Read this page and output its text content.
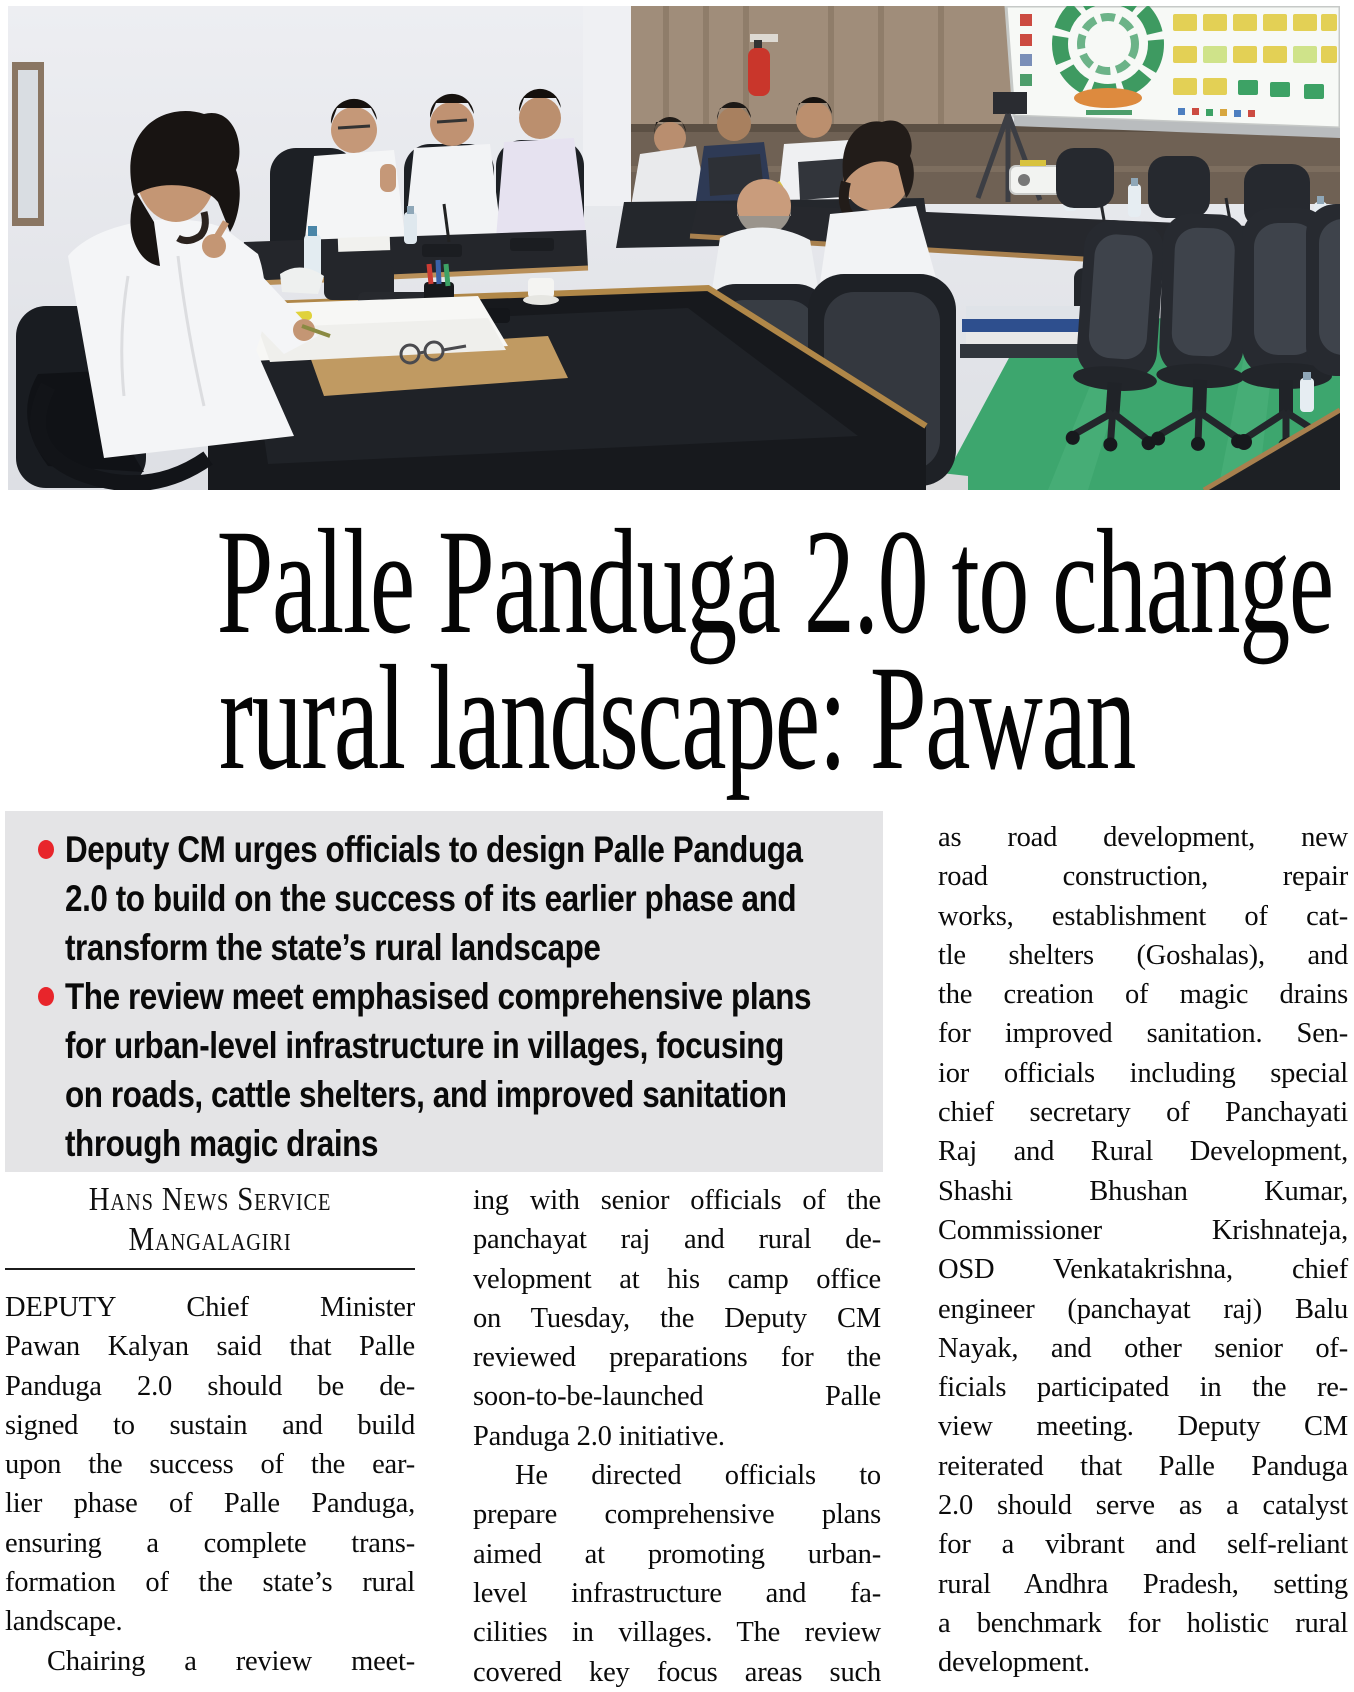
Palle Panduga 2.0 to change
rural landscape: Pawan
Deputy CM urges officials to design Palle Panduga
2.0 to build on the success of its earlier phase and
transform the state’s rural landscape
The review meet emphasised comprehensive plans
for urban-level infrastructure in villages, focusing
on roads, cattle shelters, and improved sanitation
through magic drains
Hans News Service
Mangalagiri
DEPUTY Chief Minister
Pawan Kalyan said that Palle
Panduga 2.0 should be de-
signed to sustain and build
upon the success of the ear-
lier phase of Palle Panduga,
ensuring a complete trans-
formation of the state’s rural
landscape.
Chairing a review meet-
ing with senior officials of the
panchayat raj and rural de-
velopment at his camp office
on Tuesday, the Deputy CM
reviewed preparations for the
soon-to-be-launched Palle
Panduga 2.0 initiative.
He directed officials to
prepare comprehensive plans
aimed at promoting urban-
level infrastructure and fa-
cilities in villages. The review
covered key focus areas such
as road development, new
road construction, repair
works, establishment of cat-
tle shelters (Goshalas), and
the creation of magic drains
for improved sanitation. Sen-
ior officials including special
chief secretary of Panchayati
Raj and Rural Development,
Shashi Bhushan Kumar,
Commissioner Krishnateja,
OSD Venkatakrishna, chief
engineer (panchayat raj) Balu
Nayak, and other senior of-
ficials participated in the re-
view meeting. Deputy CM
reiterated that Palle Panduga
2.0 should serve as a catalyst
for a vibrant and self-reliant
rural Andhra Pradesh, setting
a benchmark for holistic rural
development.
